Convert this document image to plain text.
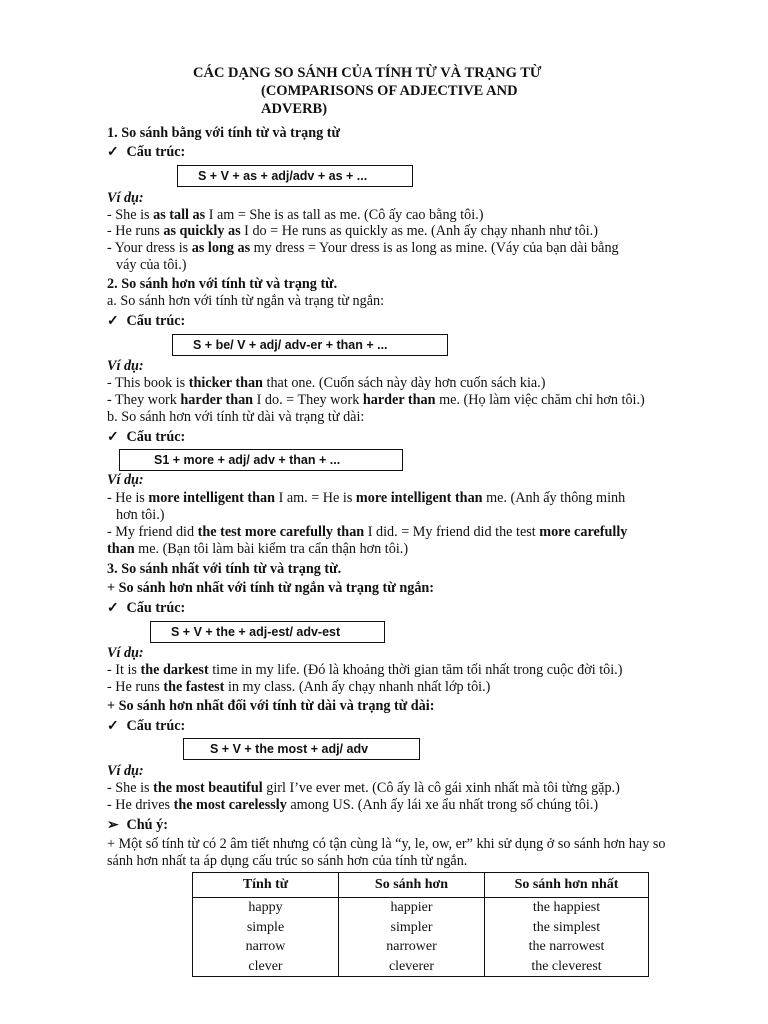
CÁC DẠNG SO SÁNH CỦA TÍNH TỪ VÀ TRẠNG TỪ
(COMPARISONS OF ADJECTIVE AND
ADVERB)
1. So sánh bằng với tính từ và trạng từ
✓ Cấu trúc:
S + V + as + adj/adv + as + ...
Ví dụ:
- She is as tall as I am = She is as tall as me. (Cô ấy cao bằng tôi.)
- He runs as quickly as I do = He runs as quickly as me. (Anh ấy chạy nhanh như tôi.)
- Your dress is as long as my dress = Your dress is as long as mine. (Váy của bạn dài bằng
váy của tôi.)
2. So sánh hơn với tính từ và trạng từ.
a. So sánh hơn với tính từ ngắn và trạng từ ngắn:
✓ Cấu trúc:
S + be/ V + adj/ adv-er + than + ...
Ví dụ:
- This book is thicker than that one. (Cuốn sách này dày hơn cuốn sách kia.)
- They work harder than I do. = They work harder than me. (Họ làm việc chăm chỉ hơn tôi.)
b. So sánh hơn với tính từ dài và trạng từ dài:
✓ Cấu trúc:
S1 + more + adj/ adv + than + ...
Ví dụ:
- He is more intelligent than I am. = He is more intelligent than me. (Anh ấy thông minh
hơn tôi.)
- My friend did the test more carefully than I did. = My friend did the test more carefully
than me. (Bạn tôi làm bài kiểm tra cẩn thận hơn tôi.)
3. So sánh nhất với tính từ và trạng từ.
+ So sánh hơn nhất với tính từ ngắn và trạng từ ngắn:
✓ Cấu trúc:
S + V + the + adj-est/ adv-est
Ví dụ:
- It is the darkest time in my life. (Đó là khoảng thời gian tăm tối nhất trong cuộc đời tôi.)
- He runs the fastest in my class. (Anh ấy chạy nhanh nhất lớp tôi.)
+ So sánh hơn nhất đối với tính từ dài và trạng từ dài:
✓ Cấu trúc:
S + V + the most + adj/ adv
Ví dụ:
- She is the most beautiful girl I’ve ever met. (Cô ấy là cô gái xinh nhất mà tôi từng gặp.)
- He drives the most carelessly among US. (Anh ấy lái xe ẩu nhất trong số chúng tôi.)
➢ Chú ý:
+ Một số tính từ có 2 âm tiết nhưng có tận cùng là “y, le, ow, er” khi sử dụng ở so sánh hơn hay so sánh hơn nhất ta áp dụng cấu trúc so sánh hơn của tính từ ngắn.
Tính từ	So sánh hơn	So sánh hơn nhất
happy	happier	the happiest
simple	simpler	the simplest
narrow	narrower	the narrowest
clever	cleverer	the cleverest
